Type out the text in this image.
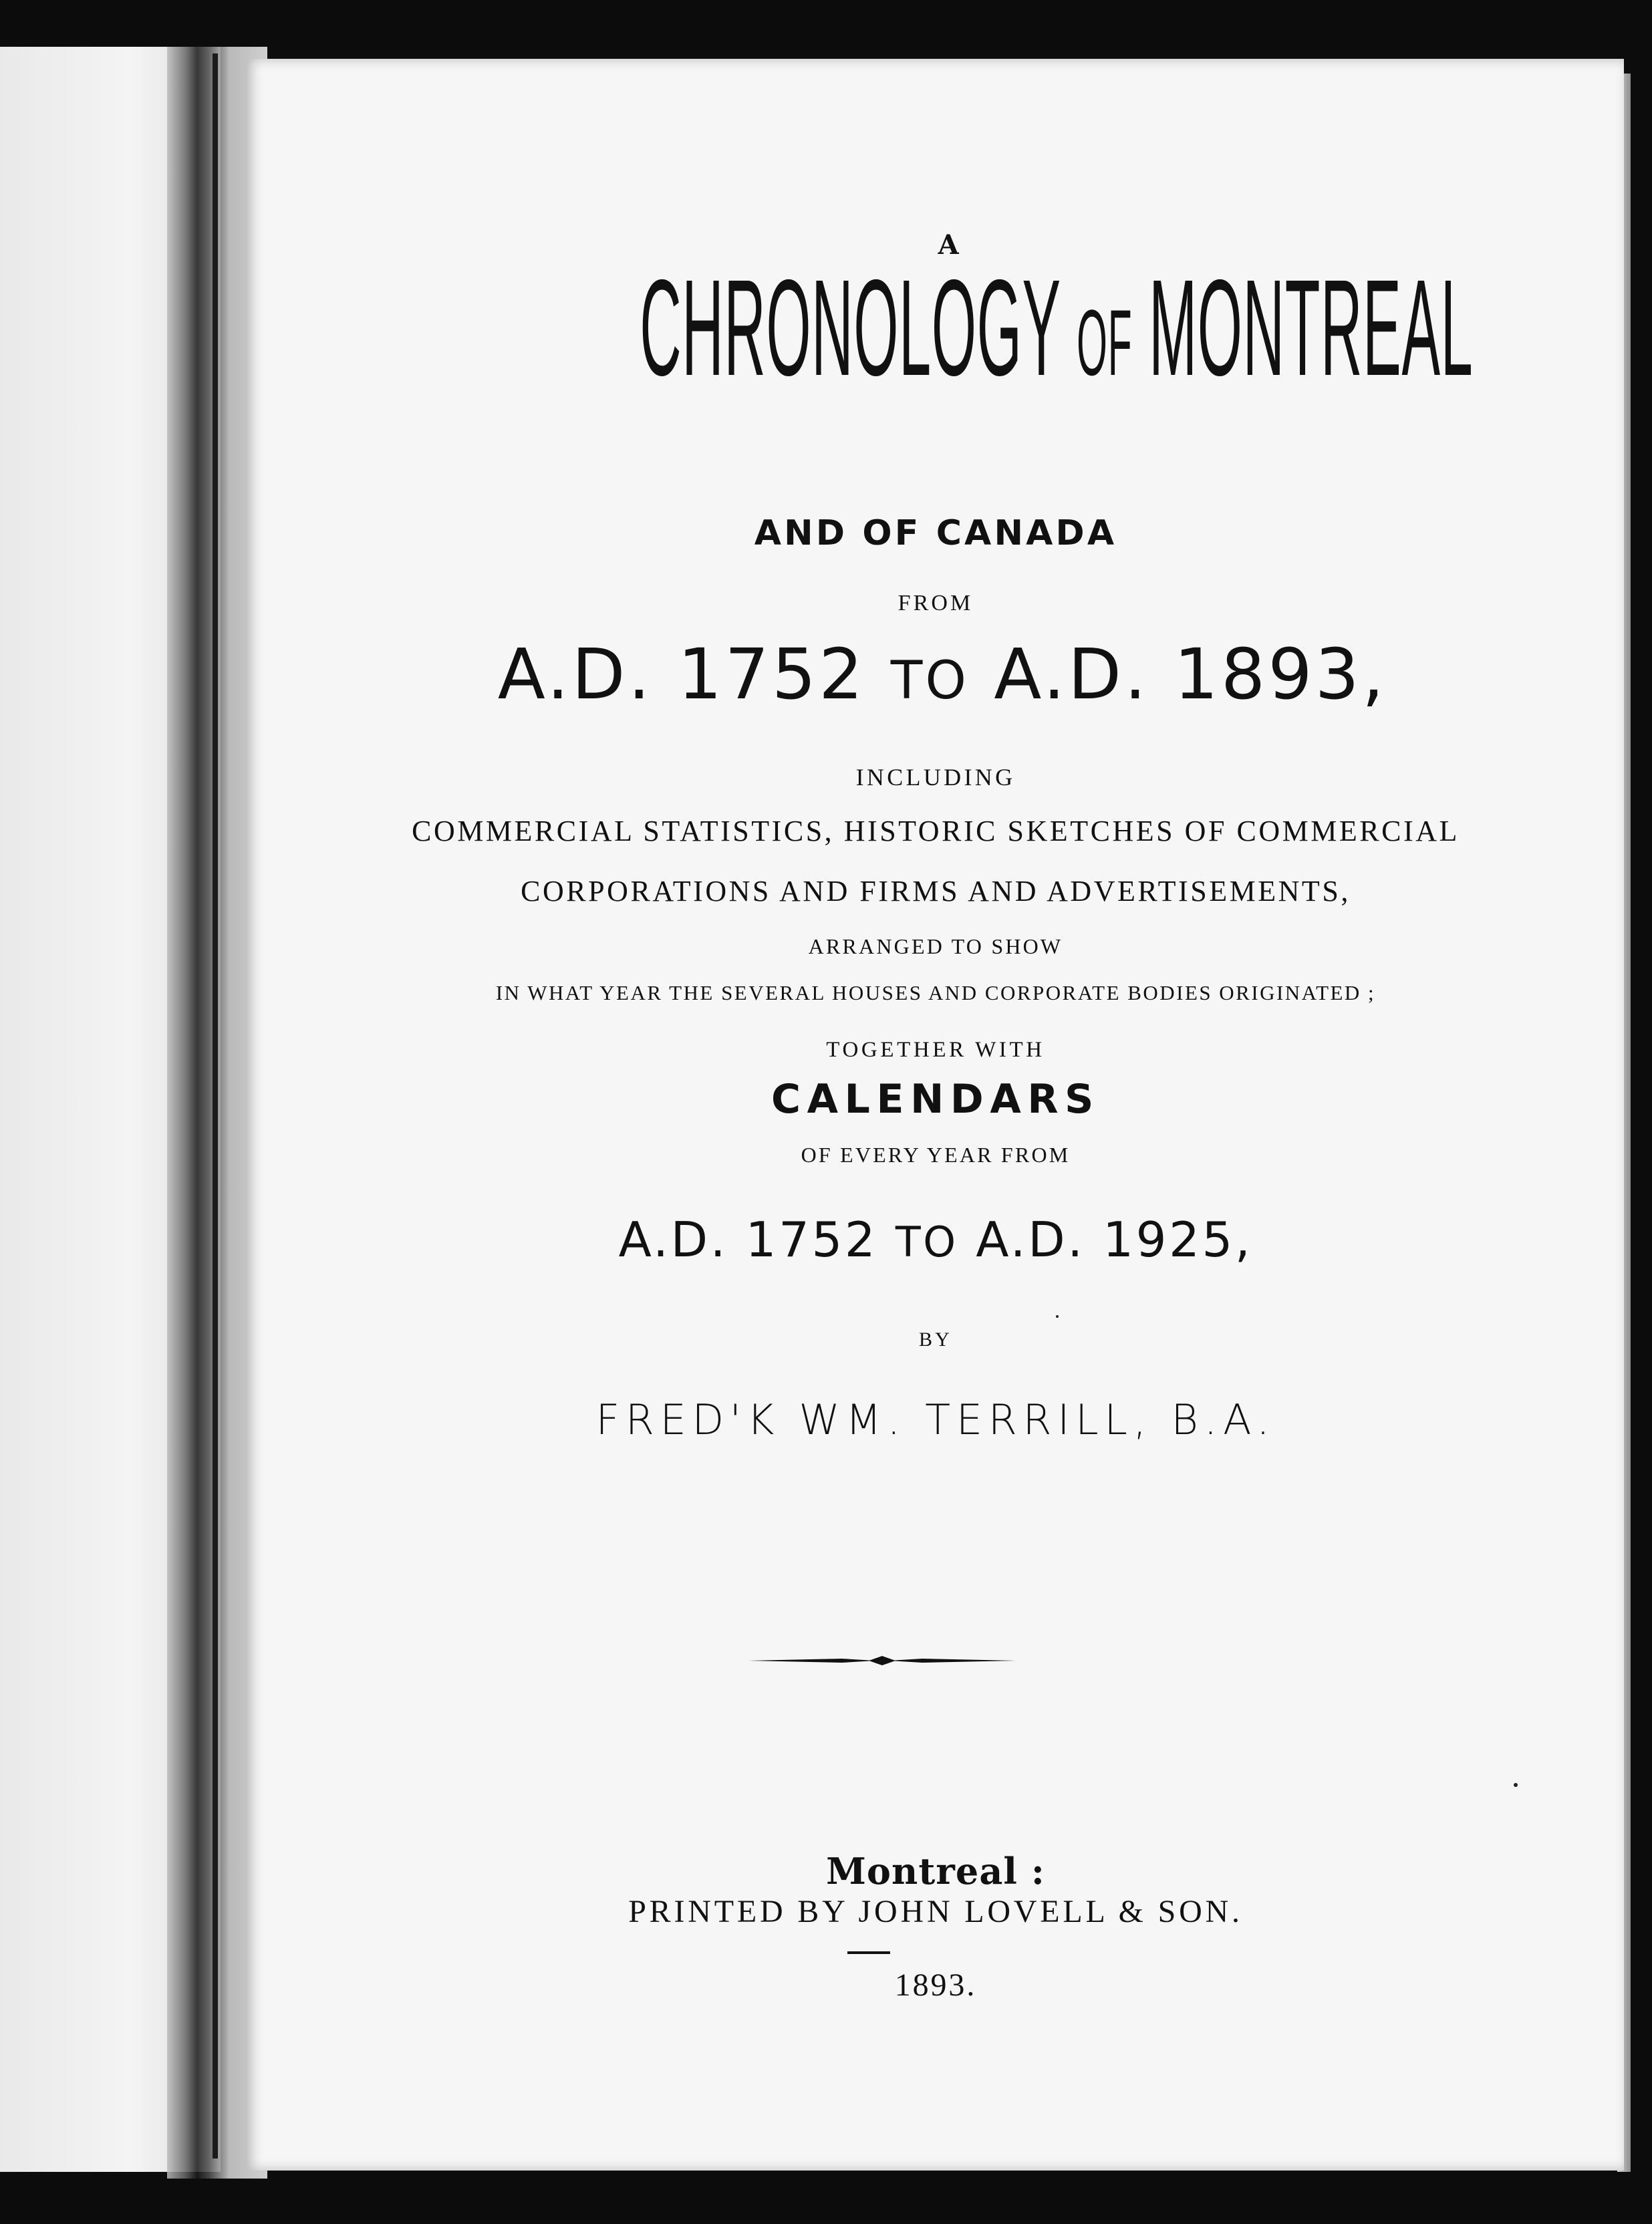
A
CHRONOLOGY OF MONTREAL
AND OF CANADA
FROM
A.D. 1752 TO A.D. 1893,
INCLUDING
COMMERCIAL STATISTICS, HISTORIC SKETCHES OF COMMERCIAL
CORPORATIONS AND FIRMS AND ADVERTISEMENTS,
ARRANGED TO SHOW
IN WHAT YEAR THE SEVERAL HOUSES AND CORPORATE BODIES ORIGINATED ;
TOGETHER WITH
CALENDARS
OF EVERY YEAR FROM
A.D. 1752 TO A.D. 1925,
BY
FRED'K WM. TERRILL, B.A.
Montreal :
PRINTED BY JOHN LOVELL & SON.
1893.
